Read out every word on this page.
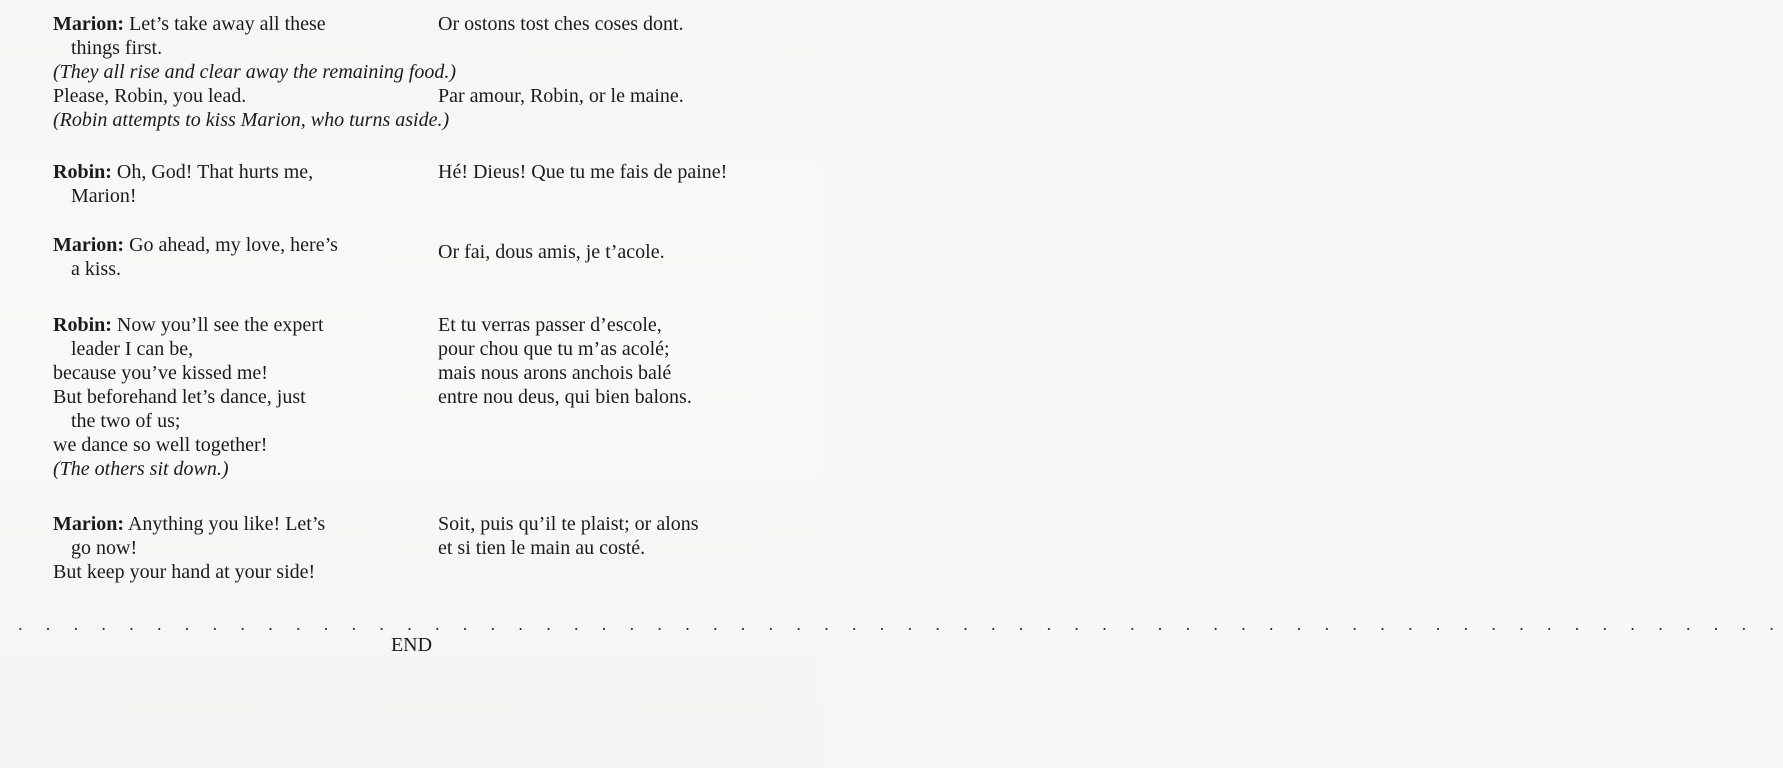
Marion: Let’s take away all these
things first.
Or ostons tost ches coses dont.
(They all rise and clear away the remaining food.)
Please, Robin, you lead.	Par amour, Robin, or le maine.
(Robin attempts to kiss Marion, who turns aside.)
Robin: Oh, God! That hurts me,
Marion!
Hé! Dieus! Que tu me fais de paine!
Marion: Go ahead, my love, here’s
a kiss.
Or fai, dous amis, je t’acole.
Robin: Now you’ll see the expert
leader I can be,
because you’ve kissed me!
But beforehand let’s dance, just
the two of us;
we dance so well together!
(The others sit down.)
Et tu verras passer d’escole,
pour chou que tu m’as acolé;
mais nous arons anchois balé
entre nou deus, qui bien balons.
Marion: Anything you like! Let’s
go now!
But keep your hand at your side!
Soit, puis qu’il te plaist; or alons
et si tien le main au costé.
. . . . . . . . . . . . . . . . . . . . . . . . . . . . . . . . . . . . . . . . . . . . . . . . . . . . . . . . . . . . . . . .
END
